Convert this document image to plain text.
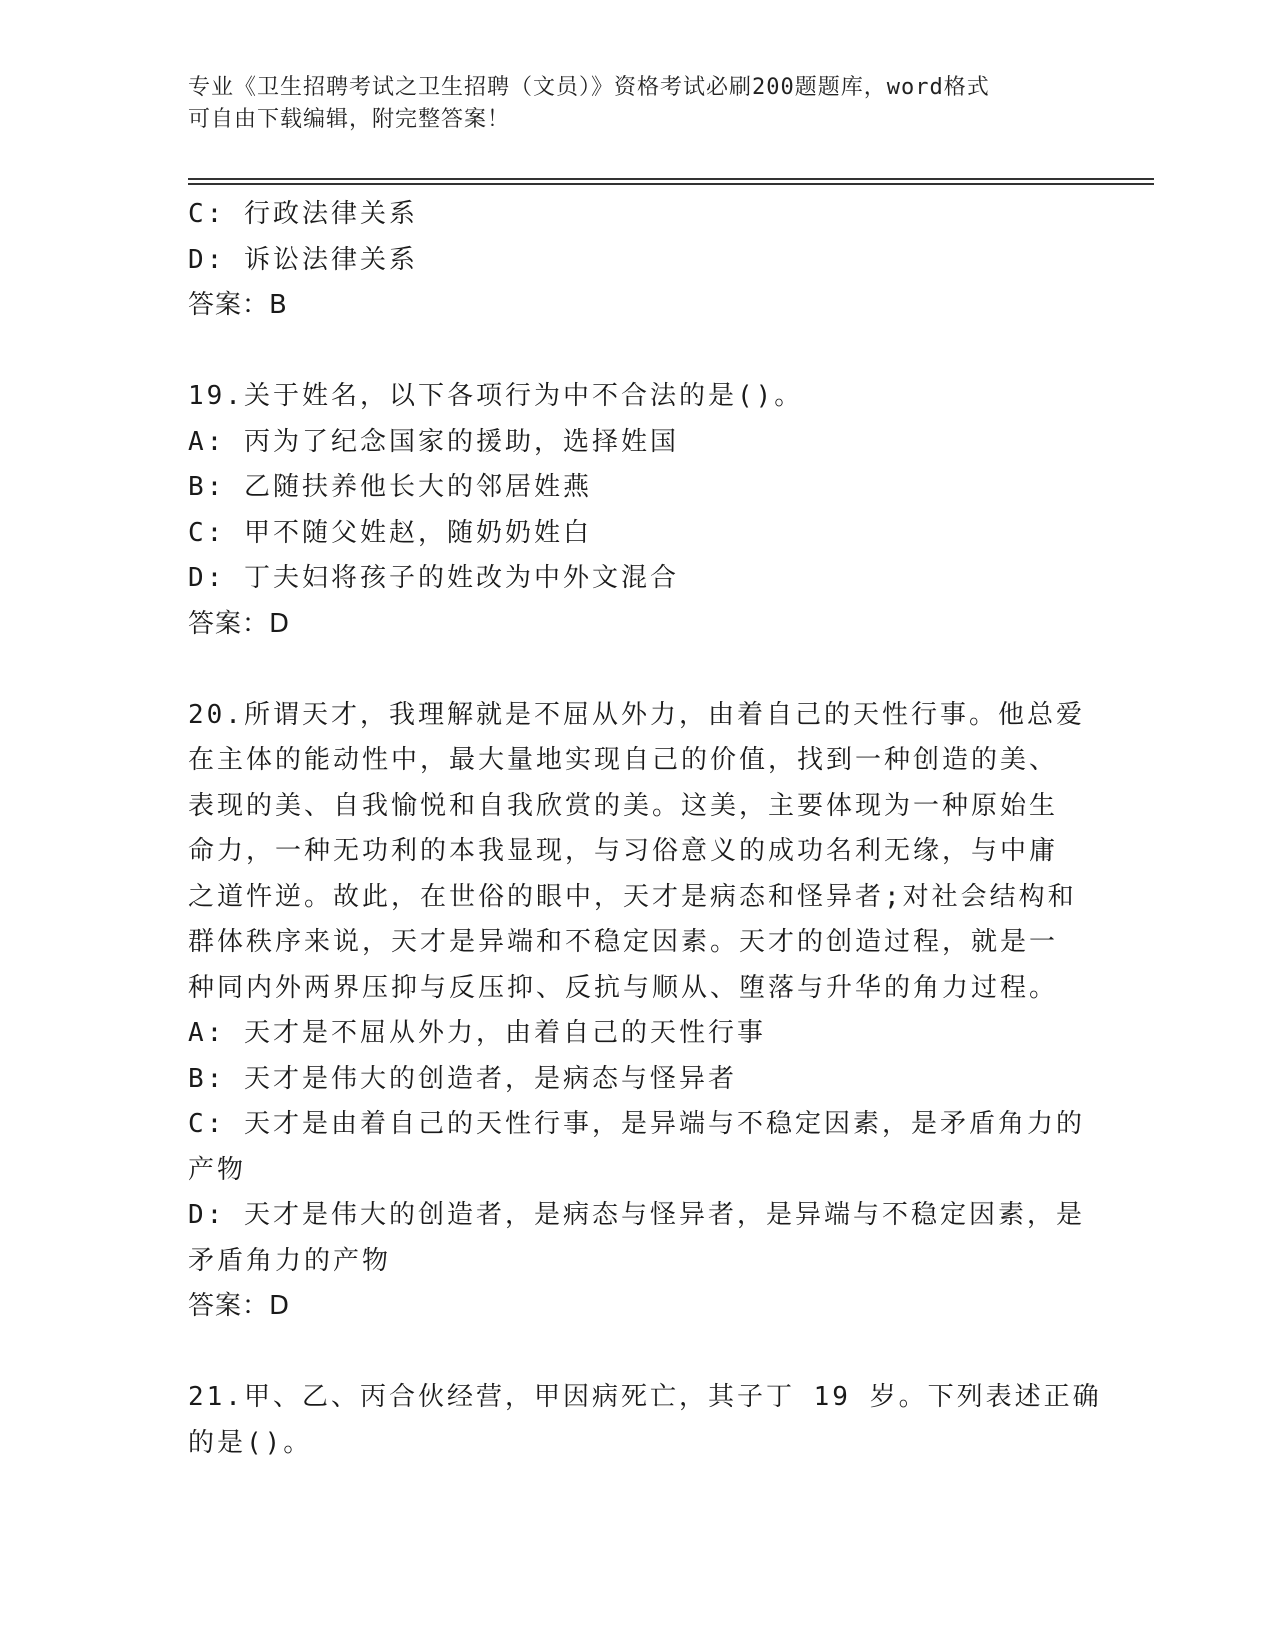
专业《卫生招聘考试之卫生招聘（文员）》资格考试必刷200题题库，word格式
可自由下载编辑，附完整答案！
C: 行政法律关系
D: 诉讼法律关系
答案：B
19.关于姓名，以下各项行为中不合法的是()。
A: 丙为了纪念国家的援助，选择姓国
B: 乙随扶养他长大的邻居姓燕
C: 甲不随父姓赵，随奶奶姓白
D: 丁夫妇将孩子的姓改为中外文混合
答案：D
20.所谓天才，我理解就是不屈从外力，由着自己的天性行事。他总爱
在主体的能动性中，最大量地实现自己的价值，找到一种创造的美、
表现的美、自我愉悦和自我欣赏的美。这美，主要体现为一种原始生
命力，一种无功利的本我显现，与习俗意义的成功名利无缘，与中庸
之道忤逆。故此，在世俗的眼中，天才是病态和怪异者;对社会结构和
群体秩序来说，天才是异端和不稳定因素。天才的创造过程，就是一
种同内外两界压抑与反压抑、反抗与顺从、堕落与升华的角力过程。
A: 天才是不屈从外力，由着自己的天性行事
B: 天才是伟大的创造者，是病态与怪异者
C: 天才是由着自己的天性行事，是异端与不稳定因素，是矛盾角力的
产物
D: 天才是伟大的创造者，是病态与怪异者，是异端与不稳定因素，是
矛盾角力的产物
答案：D
21.甲、乙、丙合伙经营，甲因病死亡，其子丁 19 岁。下列表述正确
的是()。
